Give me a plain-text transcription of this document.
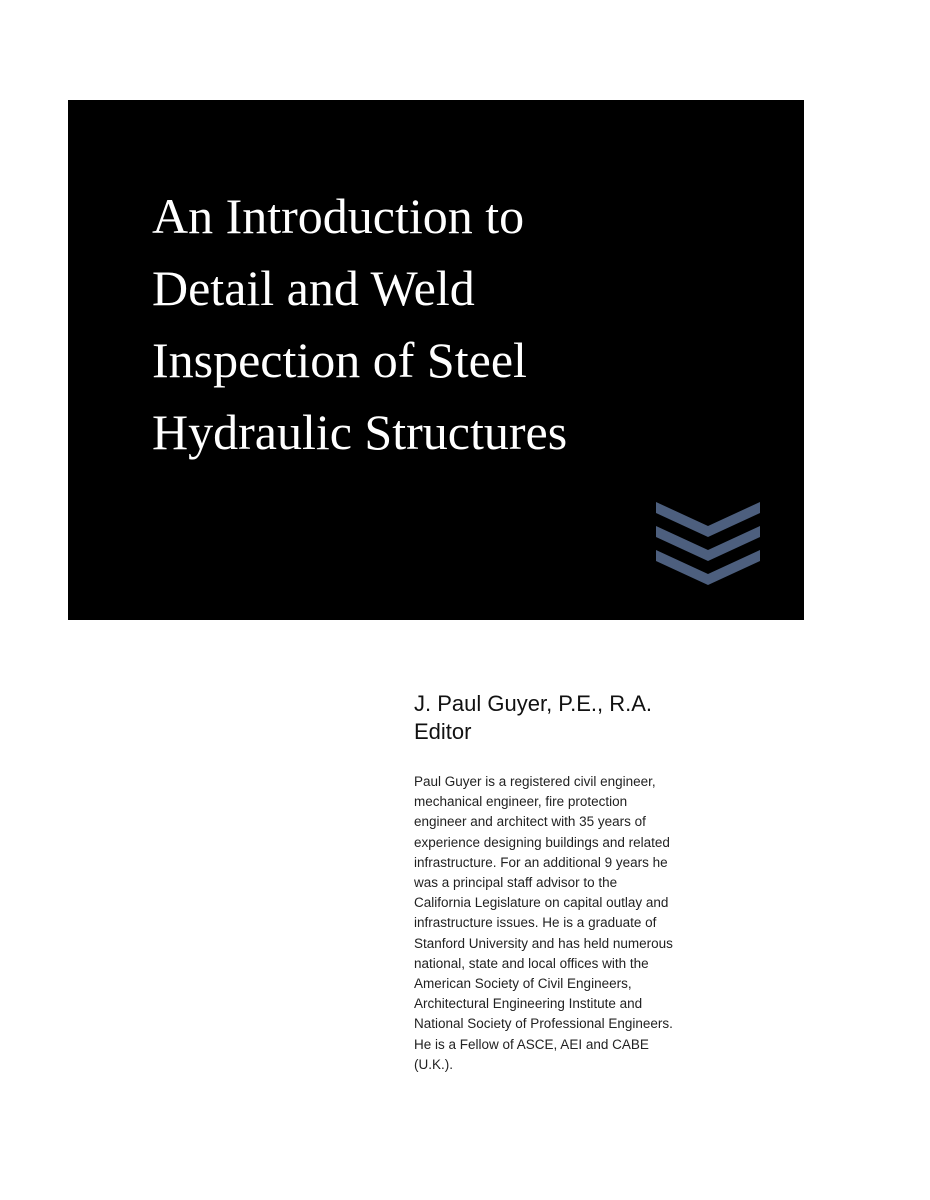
An Introduction to
Detail and Weld
Inspection of Steel
Hydraulic Structures
J. Paul Guyer, P.E., R.A.
Editor
Paul Guyer is a registered civil engineer,
mechanical engineer, fire protection
engineer and architect with 35 years of
experience designing buildings and related
infrastructure. For an additional 9 years he
was a principal staff advisor to the
California Legislature on capital outlay and
infrastructure issues. He is a graduate of
Stanford University and has held numerous
national, state and local offices with the
American Society of Civil Engineers,
Architectural Engineering Institute and
National Society of Professional Engineers.
He is a Fellow of ASCE, AEI and CABE
(U.K.).
